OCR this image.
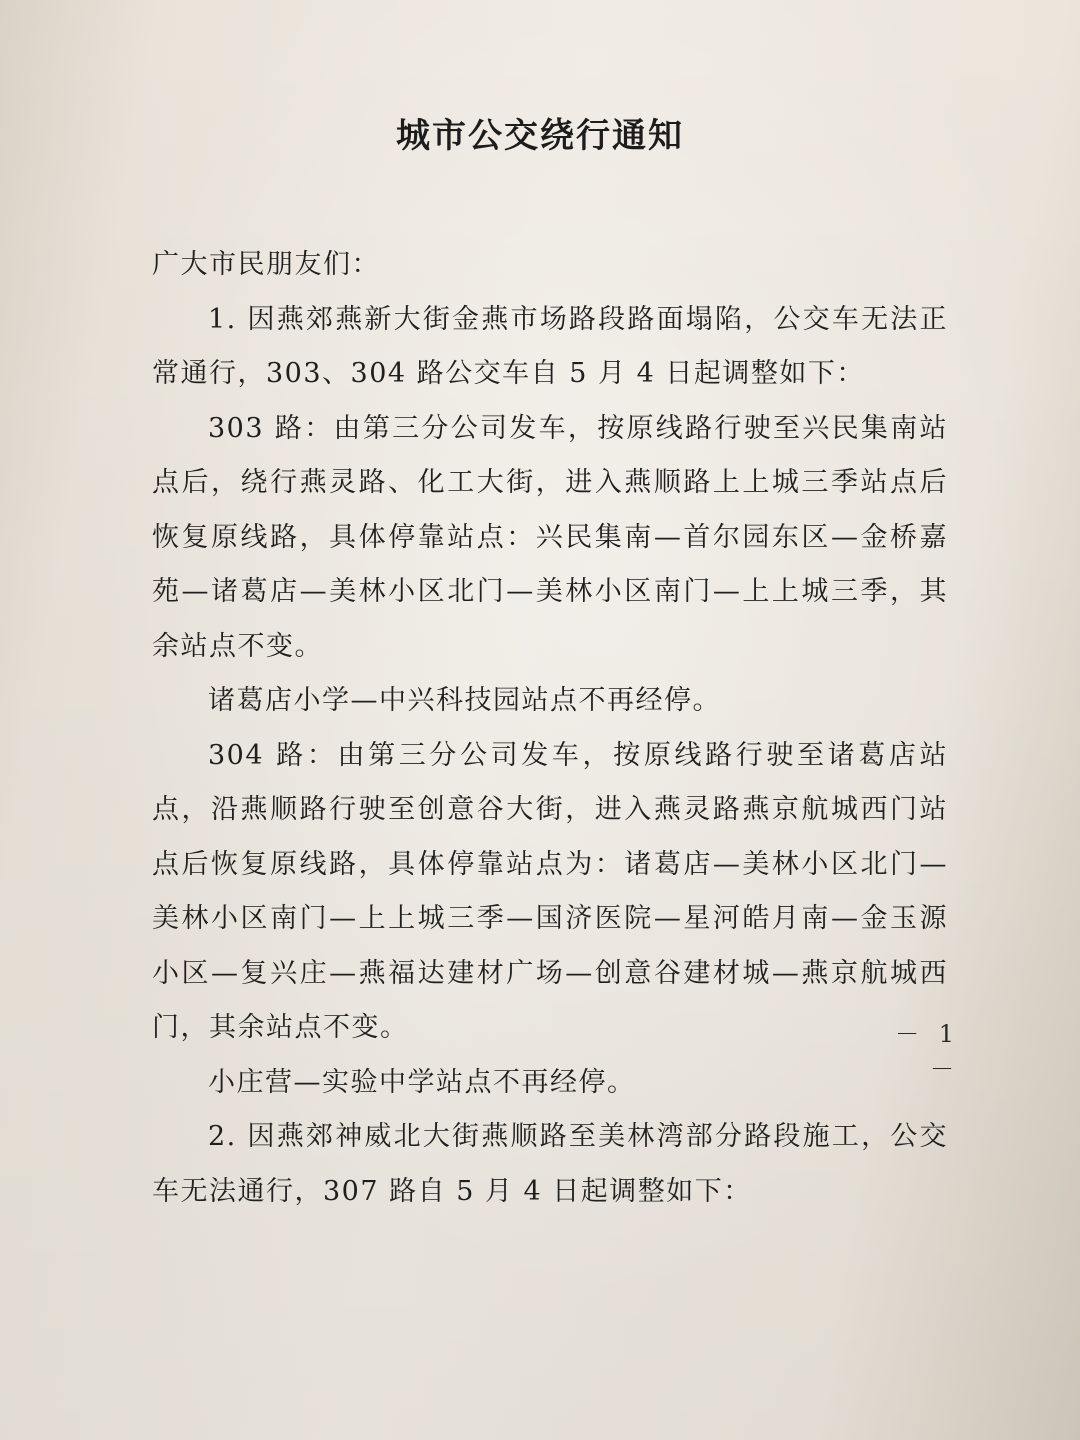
城市公交绕行通知

广大市民朋友们：

1. 因燕郊燕新大街金燕市场路段路面塌陷，公交车无法正常通行，303、304 路公交车自 5 月 4 日起调整如下：

303 路：由第三分公司发车，按原线路行驶至兴民集南站点后，绕行燕灵路、化工大街，进入燕顺路上上城三季站点后恢复原线路，具体停靠站点：兴民集南—首尔园东区—金桥嘉苑—诸葛店—美林小区北门—美林小区南门—上上城三季，其余站点不变。

诸葛店小学—中兴科技园站点不再经停。

304 路：由第三分公司发车，按原线路行驶至诸葛店站点，沿燕顺路行驶至创意谷大街，进入燕灵路燕京航城西门站点后恢复原线路，具体停靠站点为：诸葛店—美林小区北门—美林小区南门—上上城三季—国济医院—星河皓月南—金玉源小区—复兴庄—燕福达建材广场—创意谷建材城—燕京航城西门，其余站点不变。

小庄营—实验中学站点不再经停。

2. 因燕郊神威北大街燕顺路至美林湾部分路段施工，公交车无法通行，307 路自 5 月 4 日起调整如下：

－ 1 －
